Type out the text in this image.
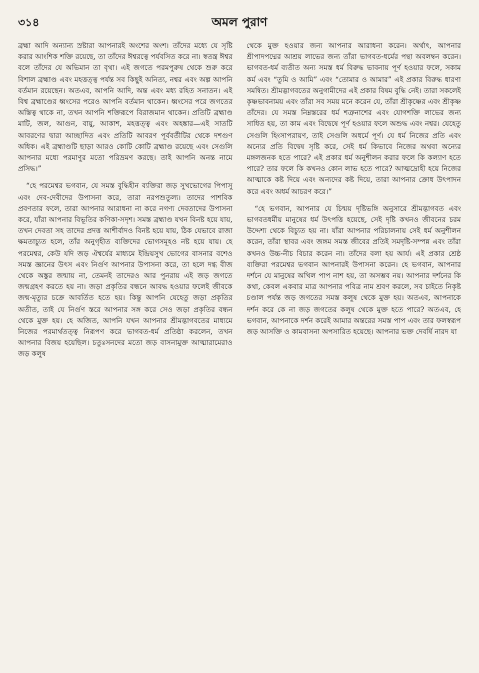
৩১৪	অমল পুরাণ

ব্রহ্মা আদি অন্যান্য স্রষ্টারা আপনারই অংশের অংশ। তাঁদের মধ্যে যে সৃষ্টি করার আংশিক শক্তি রয়েছে, তা তাঁদের ঈশ্বরত্বে পর্যবসিত করে না। স্বতন্ত্র ঈশ্বর বলে তাঁদের যে অভিমান তা বৃথা। এই জগতে পরমপুরুষ থেকে শুরু করে বিশাল ব্রহ্মাণ্ড এবং মহত্তত্ত্ব পর্যন্ত সব কিছুই অনিত্য, নশ্বর এবং অল্প আপনি বর্তমান রয়েছেন। অতএব, আপনি আদি, অন্ত এবং মধ্য রহিত সনাতন। এই বিশ্ব ব্রহ্মাণ্ডের ধ্বংসের পরেও আপনি বর্তমান থাকেন। ধ্বংসের পরে জগতের অস্তিত্ব থাকে না, তখন আপনি শক্তিরূপে বিরাজমান থাকেন। প্রতিটি ব্রহ্মাণ্ড মাটি, জল, আগুন, বায়ু, আকাশ, মহত্তত্ত্ব এবং অহঙ্কার—এই সাতটি আবরণের দ্বারা আচ্ছাদিত এবং প্রতিটি আবরণ পূর্ববর্তীটির থেকে দশগুণ অধিক। এই ব্রহ্মাণ্ডটি ছাড়া আরও কোটি কোটি ব্রহ্মাণ্ড রয়েছে এবং সেগুলি আপনার মধ্যে পরমাণুর মতো পরিভ্রমণ করছে। তাই আপনি অনন্ত নামে প্রসিদ্ধ।”

“হে পরমেশ্বর ভগবান, যে সমস্ত বুদ্ধিহীন ব্যক্তিরা জড় সুখভোগের পিপাসু এবং দেব-দেবীদের উপাসনা করে, তারা নরপশুতুল্য। তাদের পাশবিক প্রবণতার ফলে, তারা আপনার আরাধনা না করে নগণ্য দেবতাদের উপাসনা করে, যাঁরা আপনার বিভূতির কণিকা-সদৃশ। সমস্ত ব্রহ্মাণ্ড যখন বিনষ্ট হয়ে যায়, তখন দেবতা সহ তাদের প্রদত্ত আশীর্বাদও বিনষ্ট হয়ে যায়, ঠিক যেভাবে রাজা ক্ষমতাচ্যুত হলে, তাঁর অনুগৃহীত ব্যক্তিদের ভোগসমূহও নষ্ট হয়ে যায়। হে পরমেশ্বর, কেউ যদি জড় ঐশ্বর্যের মাধ্যমে ইন্দ্রিয়সুখ ভোগের বাসনার বশেও সমস্ত জ্ঞানের উৎস এবং নির্গুণ আপনার উপাসনা করে, তা হলে দগ্ধ বীজ থেকে অঙ্কুর জন্মায় না, তেমনই তাদেরও আর পুনরায় এই জড় জগতে জন্মগ্রহণ করতে হয় না। জড়া প্রকৃতির বন্ধনে আবদ্ধ হওয়ার ফলেই জীবকে জন্ম-মৃত্যুর চক্রে আবর্তিত হতে হয়। কিন্তু আপনি যেহেতু জড়া প্রকৃতির অতীত, তাই যে নির্গুণ স্তরে আপনার সঙ্গ করে সেও জড়া প্রকৃতির বন্ধন থেকে মুক্ত হয়। হে অজিত, আপনি যখন আপনার শ্রীমদ্ভাগবতের মাধ্যমে নিজের পরমার্থতত্ত্ব নিরূপণ করে ভাগবত-ধর্ম প্রতিষ্ঠা করলেন, তখন আপনার বিজয় হয়েছিল। চতুঃসনদের মতো জড় বাসনামুক্ত আত্মারামেরাও জড় কলুষ

থেকে মুক্ত হওয়ার জন্য আপনার আরাধনা করেন। অর্থাৎ, আপনার শ্রীপাদপদ্মের আশ্রয় লাভের জন্য তাঁরা ভাগবত-ধর্মের পন্থা অবলম্বন করেন। ভাগবত-ধর্ম ব্যতীত অন্য সমস্ত ধর্ম বিরুদ্ধ ভাবনায় পূর্ণ হওয়ার ফলে, সকাম কর্ম এবং “তুমি ও আমি” এবং “তোমার ও আমার” এই প্রকার বিরুদ্ধ ধারণা সমন্বিত। শ্রীমদ্ভাগবতের অনুগামীদের এই প্রকার বিষম বুদ্ধি নেই। তারা সকলেই কৃষ্ণভাবনাময় এবং তাঁরা সব সময় মনে করেন যে, তাঁরা শ্রীকৃষ্ণের এবং শ্রীকৃষ্ণ তাঁদের। যে সমস্ত নিম্নস্তরের ধর্ম শত্রুনাশের এবং যোগশক্তি লাভের জন্য সাধিত হয়, তা কাম এবং বিদ্বেষে পূর্ণ হওয়ার ফলে অশুদ্ধ এবং নশ্বর। যেহেতু সেগুলি হিংসাপরায়ণ, তাই সেগুলি অধর্মে পূর্ণ। যে ধর্ম নিজের প্রতি এবং অন্যের প্রতি বিদ্বেষ সৃষ্টি করে, সেই ধর্ম কিভাবে নিজের অথবা অন্যের মঙ্গলজনক হতে পারে? এই প্রকার ধর্ম অনুশীলন করার ফলে কি কল্যাণ হতে পারে? তার ফলে কি কখনও কোন লাভ হতে পারে? আত্মদ্রোহী হয়ে নিজের আত্মাকে কষ্ট দিয়ে এবং অন্যদের কষ্ট দিয়ে, তারা আপনার ক্রোধ উৎপাদন করে এবং অধর্ম আচরণ করে।”

“হে ভগবান, আপনার যে চিন্ময় দৃষ্টিভঙ্গি অনুসারে শ্রীমদ্ভাগবত এবং ভাগবতধর্মীয় মানুষের ধর্ম উৎপত্তি হয়েছে, সেই দৃষ্টি কখনও জীবনের চরম উদ্দেশ্য থেকে বিচ্যুত হয় না। যাঁরা আপনার পরিচালনায় সেই ধর্ম অনুশীলন করেন, তাঁরা স্থাবর এবং জঙ্গম সমস্ত জীবের প্রতিই সমদৃষ্টি-সম্পন্ন এবং তাঁরা কখনও উচ্চ-নীচ বিচার করেন না। তাঁদের বলা হয় আর্য। এই প্রকার শ্রেষ্ঠ ব্যক্তিরা পরমেশ্বর ভগবান আপনারই উপাসনা করেন। হে ভগবান, আপনার দর্শনে যে মানুষের অখিল পাপ নাশ হয়, তা অসম্ভব নয়। আপনার দর্শনের কি কথা, কেবল একবার মাত্র আপনার পবিত্র নাম শ্রবণ করলে, সব চাইতে নিকৃষ্ট চণ্ডাল পর্যন্ত জড় জগতের সমস্ত কলুষ থেকে মুক্ত হয়। অতএব, আপনাকে দর্শন করে কে না জড় জগতের কলুষ থেকে মুক্ত হতে পারে? অতএব, হে ভগবান, আপনাকে দর্শন করেই আমার অন্তরের সমস্ত পাপ এবং তার ফলস্বরূপ জড় আসক্তি ও কামবাসনা অপসারিত হয়েছে। আপনার ভক্ত দেবর্ষি নারদ যা
